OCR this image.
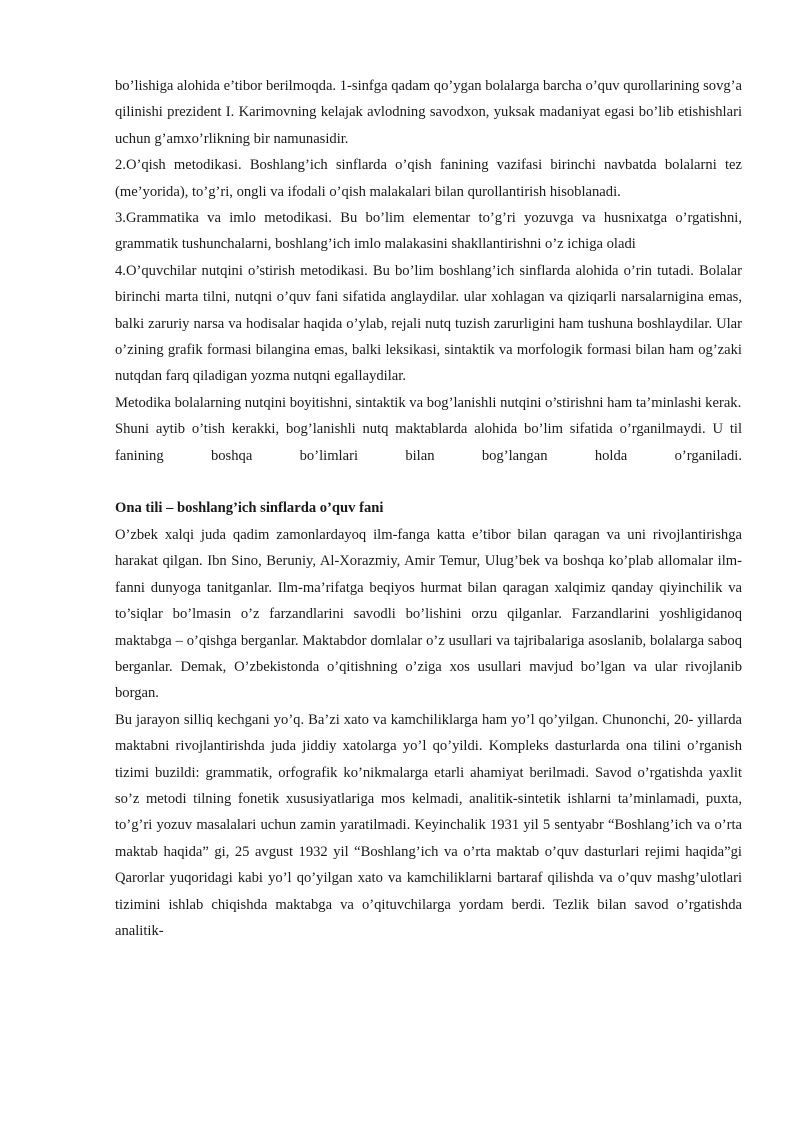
bo’lishiga alohida e’tibor berilmoqda. 1-sinfga qadam qo’ygan bolalarga barcha o’quv qurollarining sovg’a qilinishi prezident I. Karimovning kelajak avlodning savodxon, yuksak madaniyat egasi bo’lib etishishlari uchun g’amxo’rlikning bir namunasidir.

2.O’qish metodikasi. Boshlang’ich sinflarda o’qish fanining vazifasi birinchi navbatda bolalarni tez (me’yorida), to’g’ri, ongli va ifodali o’qish malakalari bilan qurollantirish hisoblanadi.

3.Grammatika va imlo metodikasi. Bu bo’lim elementar to’g’ri yozuvga va husnixatga o’rgatishni, grammatik tushunchalarni, boshlang’ich imlo malakasini shakllantirishni o’z ichiga oladi

4.O’quvchilar nutqini o’stirish metodikasi. Bu bo’lim boshlang’ich sinflarda alohida o’rin tutadi. Bolalar birinchi marta tilni, nutqni o’quv fani sifatida anglaydilar. ular xohlagan va qiziqarli narsalarnigina emas, balki zaruriy narsa va hodisalar haqida o’ylab, rejali nutq tuzish zarurligini ham tushuna boshlaydilar. Ular o’zining grafik formasi bilangina emas, balki leksikasi, sintaktik va morfologik formasi bilan ham og’zaki nutqdan farq qiladigan yozma nutqni egallaydilar.

Metodika bolalarning nutqini boyitishni, sintaktik va bog’lanishli nutqini o’stirishni ham ta’minlashi kerak.

Shuni aytib o’tish kerakki, bog’lanishli nutq maktablarda alohida bo’lim sifatida o’rganilmaydi. U til fanining boshqa bo’limlari bilan bog’langan holda o’rganiladi.

Ona tili – boshlang’ich sinflarda o’quv fani

O’zbek xalqi juda qadim zamonlardayoq ilm-fanga katta e’tibor bilan qaragan va uni rivojlantirishga harakat qilgan. Ibn Sino, Beruniy, Al-Xorazmiy, Amir Temur, Ulug’bek va boshqa ko’plab allomalar ilm-fanni dunyoga tanitganlar. Ilm-ma’rifatga beqiyos hurmat bilan qaragan xalqimiz qanday qiyinchilik va to’siqlar bo’lmasin o’z farzandlarini savodli bo’lishini orzu qilganlar. Farzandlarini yoshligidanoq maktabga – o’qishga berganlar. Maktabdor domlalar o’z usullari va tajribalariga asoslanib, bolalarga saboq berganlar. Demak, O’zbekistonda o’qitishning o’ziga xos usullari mavjud bo’lgan va ular rivojlanib borgan.

Bu jarayon silliq kechgani yo’q. Ba’zi xato va kamchiliklarga ham yo’l qo’yilgan. Chunonchi, 20- yillarda maktabni rivojlantirishda juda jiddiy xatolarga yo’l qo’yildi. Kompleks dasturlarda ona tilini o’rganish tizimi buzildi: grammatik, orfografik ko’nikmalarga etarli ahamiyat berilmadi. Savod o’rgatishda yaxlit so’z metodi tilning fonetik xususiyatlariga mos kelmadi, analitik-sintetik ishlarni ta’minlamadi, puxta, to’g’ri yozuv masalalari uchun zamin yaratilmadi. Keyinchalik 1931 yil 5 sentyabr “Boshlang’ich va o’rta maktab haqida” gi, 25 avgust 1932 yil “Boshlang’ich va o’rta maktab o’quv dasturlari rejimi haqida”gi Qarorlar yuqoridagi kabi yo’l qo’yilgan xato va kamchiliklarni bartaraf qilishda va o’quv mashg’ulotlari tizimini ishlab chiqishda maktabga va o’qituvchilarga yordam berdi. Tezlik bilan savod o’rgatishda analitik-
